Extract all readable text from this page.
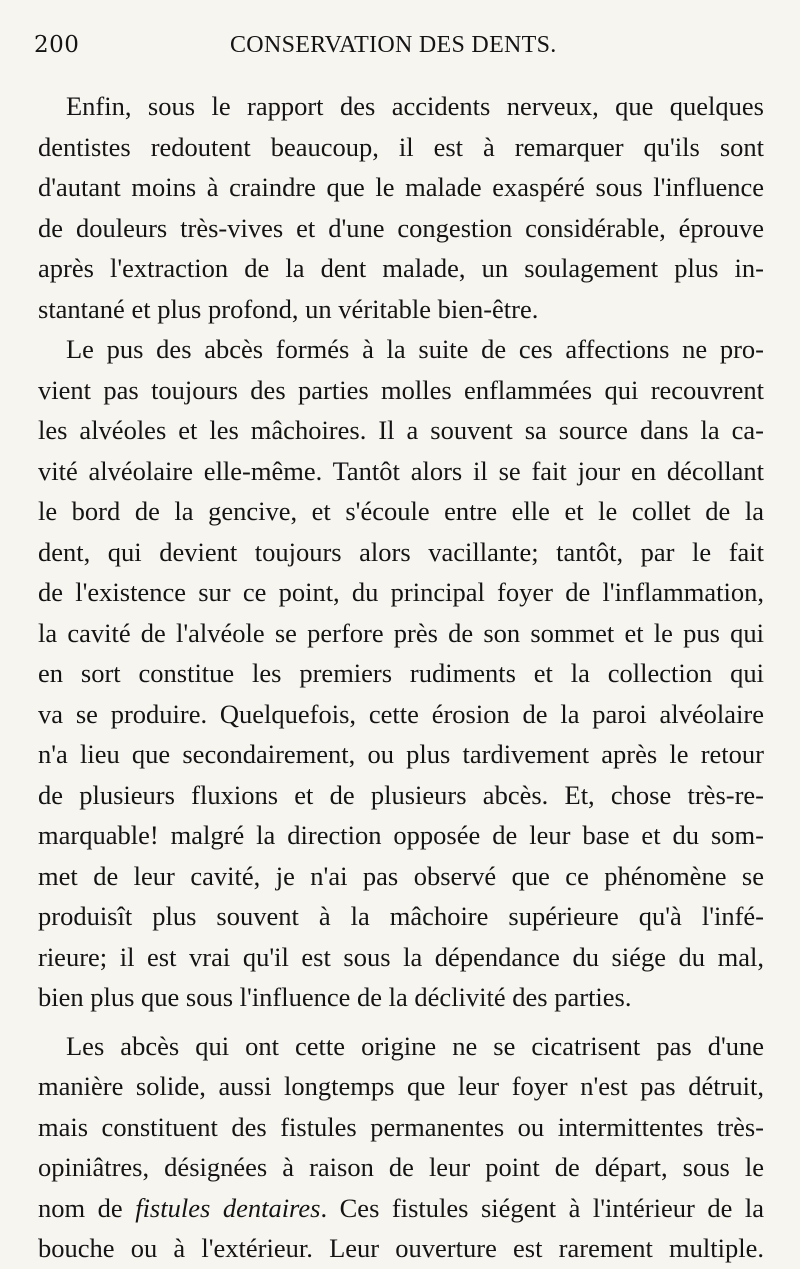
200	CONSERVATION DES DENTS.
Enfin, sous le rapport des accidents nerveux, que quelques
dentistes redoutent beaucoup, il est à remarquer qu'ils sont
d'autant moins à craindre que le malade exaspéré sous l'influence
de douleurs très-vives et d'une congestion considérable, éprouve
après l'extraction de la dent malade, un soulagement plus in-
stantané et plus profond, un véritable bien-être.
Le pus des abcès formés à la suite de ces affections ne pro-
vient pas toujours des parties molles enflammées qui recouvrent
les alvéoles et les mâchoires. Il a souvent sa source dans la ca-
vité alvéolaire elle-même. Tantôt alors il se fait jour en décollant
le bord de la gencive, et s'écoule entre elle et le collet de la
dent, qui devient toujours alors vacillante; tantôt, par le fait
de l'existence sur ce point, du principal foyer de l'inflammation,
la cavité de l'alvéole se perfore près de son sommet et le pus qui
en sort constitue les premiers rudiments et la collection qui
va se produire. Quelquefois, cette érosion de la paroi alvéolaire
n'a lieu que secondairement, ou plus tardivement après le retour
de plusieurs fluxions et de plusieurs abcès. Et, chose très-re-
marquable! malgré la direction opposée de leur base et du som-
met de leur cavité, je n'ai pas observé que ce phénomène se
produisît plus souvent à la mâchoire supérieure qu'à l'infé-
rieure; il est vrai qu'il est sous la dépendance du siége du mal,
bien plus que sous l'influence de la déclivité des parties.
Les abcès qui ont cette origine ne se cicatrisent pas d'une
manière solide, aussi longtemps que leur foyer n'est pas détruit,
mais constituent des fistules permanentes ou intermittentes très-
opiniâtres, désignées à raison de leur point de départ, sous le
nom de fistules dentaires. Ces fistules siégent à l'intérieur de la
bouche ou à l'extérieur. Leur ouverture est rarement multiple.
